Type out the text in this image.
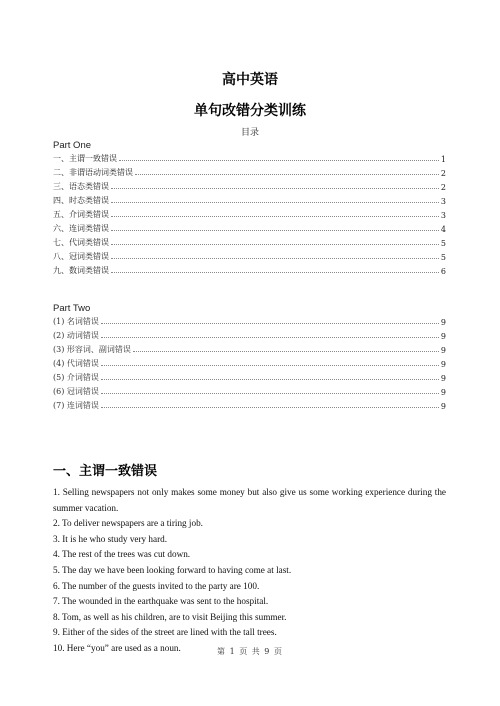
高中英语
单句改错分类训练
目录
Part One
一、主谓一致错误	1
二、非谓语动词类错误	2
三、语态类错误	2
四、时态类错误	3
五、介词类错误	3
六、连词类错误	4
七、代词类错误	5
八、冠词类错误	5
九、数词类错误	6
Part Two
(1) 名词错误	9
(2) 动词错误	9
(3) 形容词、副词错误	9
(4) 代词错误	9
(5) 介词错误	9
(6) 冠词错误	9
(7) 连词错误	9
一、主谓一致错误

1. Selling newspapers not only makes some money but also give us some working experience during the summer vacation.

2. To deliver newspapers are a tiring job.

3. It is he who study very hard.

4. The rest of the trees was cut down.

5. The day we have been looking forward to having come at last.

6. The number of the guests invited to the party are 100.

7. The wounded in the earthquake was sent to the hospital.

8. Tom, as well as his children, are to visit Beijing this summer.

9. Either of the sides of the street are lined with the tall trees.

10. Here “you” are used as a noun.	第 1 页 共 9 页
